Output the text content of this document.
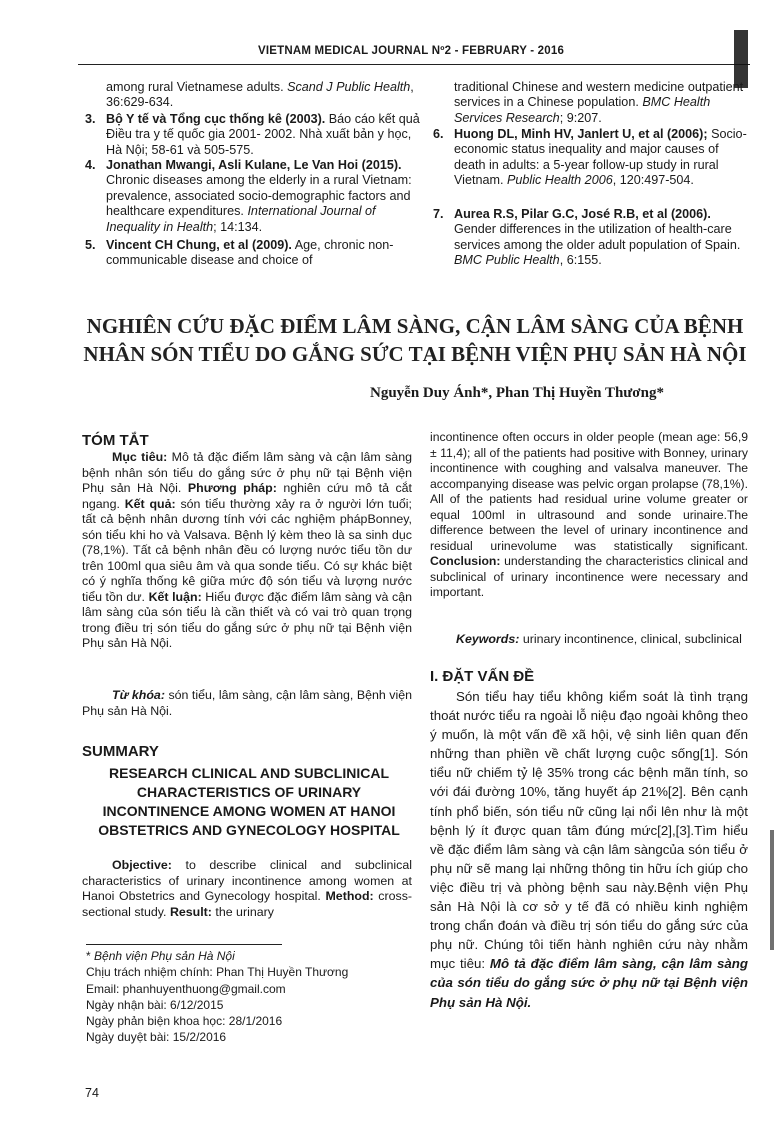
VIETNAM MEDICAL JOURNAL Nº2 - FEBRUARY - 2016
among rural Vietnamese adults. Scand J Public Health, 36:629-634.
3. Bộ Y tế và Tổng cục thống kê (2003). Báo cáo kết quả Điều tra y tế quốc gia 2001- 2002. Nhà xuất bản y học, Hà Nội; 58-61 và 505-575.
4. Jonathan Mwangi, Asli Kulane, Le Van Hoi (2015). Chronic diseases among the elderly in a rural Vietnam: prevalence, associated socio-demographic factors and healthcare expenditures. International Journal of Inequality in Health; 14:134.
5. Vincent CH Chung, et al (2009). Age, chronic non-communicable disease and choice of
traditional Chinese and western medicine outpatient services in a Chinese population. BMC Health Services Research; 9:207.
6. Huong DL, Minh HV, Janlert U, et al (2006); Socio-economic status inequality and major causes of death in adults: a 5-year follow-up study in rural Vietnam. Public Health 2006, 120:497-504.
7. Aurea R.S, Pilar G.C, José R.B, et al (2006). Gender differences in the utilization of health-care services among the older adult population of Spain. BMC Public Health, 6:155.
NGHIÊN CỨU ĐẶC ĐIỂM LÂM SÀNG, CẬN LÂM SÀNG CỦA BỆNH NHÂN SÓN TIỂU DO GẮNG SỨC TẠI BỆNH VIỆN PHỤ SẢN HÀ NỘI
Nguyễn Duy Ánh*, Phan Thị Huyền Thương*
TÓM TẮT
Mục tiêu: Mô tả đặc điểm lâm sàng và cận lâm sàng bệnh nhân són tiểu do gắng sức ở phụ nữ tại Bệnh viện Phụ sản Hà Nội. Phương pháp: nghiên cứu mô tả cắt ngang. Kết quả: són tiểu thường xảy ra ở người lớn tuổi; tất cả bệnh nhân dương tính với các nghiệm phápBonney, són tiểu khi ho và Valsava. Bệnh lý kèm theo là sa sinh dục (78,1%). Tất cả bệnh nhân đều có lượng nước tiểu tồn dư trên 100ml qua siêu âm và qua sonde tiểu. Có sự khác biệt có ý nghĩa thống kê giữa mức độ són tiểu và lượng nước tiểu tồn dư. Kết luận: Hiểu được đặc điểm lâm sàng và cận lâm sàng của són tiểu là cần thiết và có vai trò quan trọng trong điều trị són tiểu do gắng sức ở phụ nữ tại Bệnh viện Phụ sản Hà Nội.
Từ khóa: són tiểu, lâm sàng, cận lâm sàng, Bệnh viện Phụ sản Hà Nội.
SUMMARY
RESEARCH CLINICAL AND SUBCLINICAL CHARACTERISTICS OF URINARY INCONTINENCE AMONG WOMEN AT HANOI OBSTETRICS AND GYNECOLOGY HOSPITAL
Objective: to describe clinical and subclinical characteristics of urinary incontinence among women at Hanoi Obstetrics and Gynecology hospital. Method: cross-sectional study. Result: the urinary
* Bệnh viện Phụ sản Hà Nội
Chịu trách nhiệm chính: Phan Thị Huyền Thương
Email: phanhuyenthuong@gmail.com
Ngày nhận bài: 6/12/2015
Ngày phản biện khoa học: 28/1/2016
Ngày duyệt bài: 15/2/2016
incontinence often occurs in older people (mean age: 56,9 ± 11,4); all of the patients had positive with Bonney, urinary incontinence with coughing and valsalva maneuver. The accompanying disease was pelvic organ prolapse (78,1%). All of the patients had residual urine volume greater or equal 100ml in ultrasound and sonde urinaire.The difference between the level of urinary incontinence and residual urinevolume was statistically significant. Conclusion: understanding the characteristics clinical and subclinical of urinary incontinence were necessary and important.
Keywords: urinary incontinence, clinical, subclinical
I. ĐẶT VẤN ĐỀ
Són tiểu hay tiểu không kiểm soát là tình trạng thoát nước tiểu ra ngoài lỗ niệu đạo ngoài không theo ý muốn, là một vấn đề xã hội, vệ sinh liên quan đến những than phiền về chất lượng cuộc sống[1]. Són tiểu nữ chiếm tỷ lệ 35% trong các bệnh mãn tính, so với đái đường 10%, tăng huyết áp 21%[2]. Bên cạnh tính phổ biến, són tiểu nữ cũng lại nổi lên như là một bệnh lý ít được quan tâm đúng mức[2],[3].Tìm hiểu về đặc điểm lâm sàng và cận lâm sàngcủa són tiểu ở phụ nữ sẽ mang lại những thông tin hữu ích giúp cho việc điều trị và phòng bệnh sau này.Bệnh viện Phụ sản Hà Nội là cơ sở y tế đã có nhiều kinh nghiệm trong chẩn đoán và điều trị són tiểu do gắng sức của phụ nữ. Chúng tôi tiến hành nghiên cứu này nhằm mục tiêu: Mô tả đặc điểm lâm sàng, cận lâm sàng của són tiểu do gắng sức ở phụ nữ tại Bệnh viện Phụ sản Hà Nội.
74
